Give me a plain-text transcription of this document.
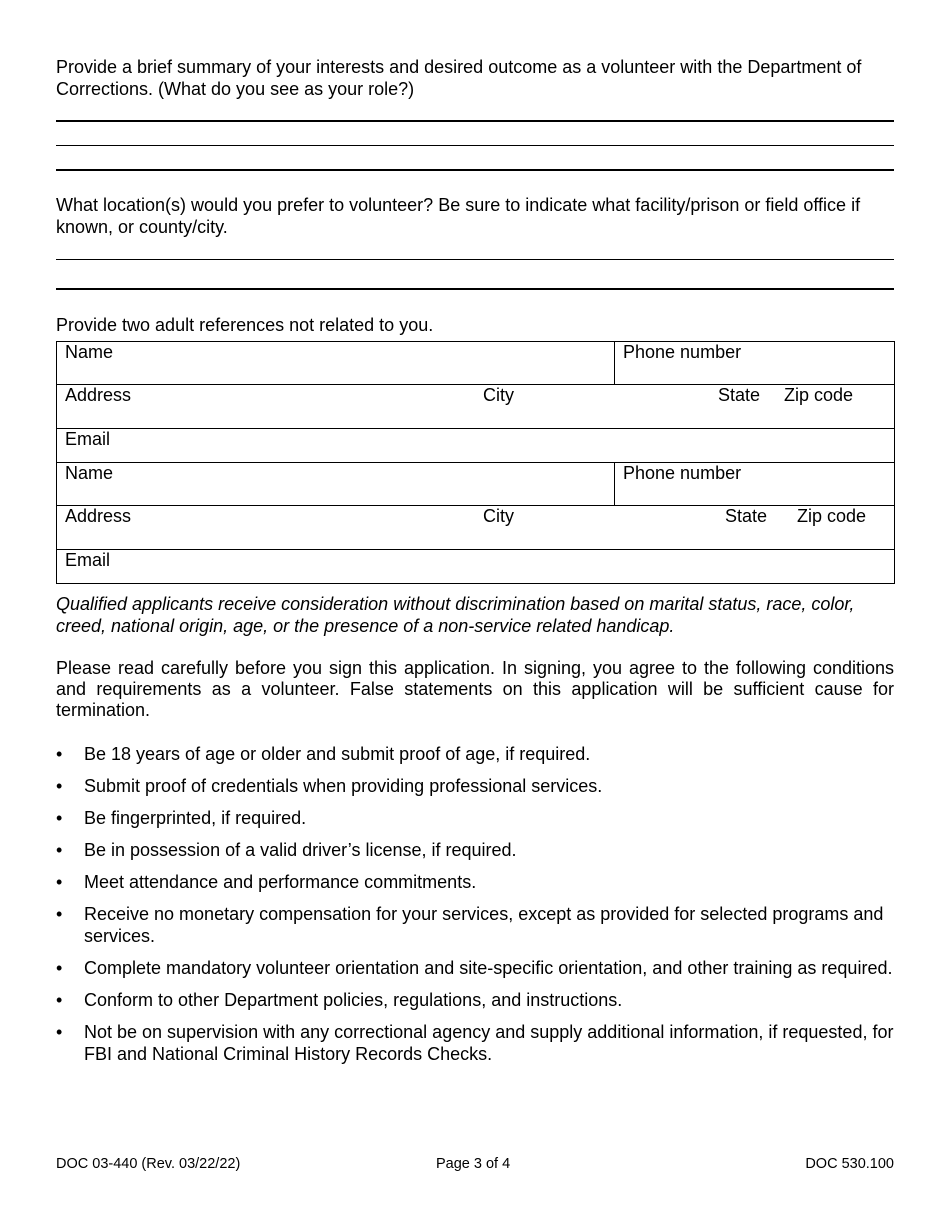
Provide a brief summary of your interests and desired outcome as a volunteer with the Department of Corrections. (What do you see as your role?)

What location(s) would you prefer to volunteer? Be sure to indicate what facility/prison or field office if known, or county/city.

Provide two adult references not related to you.

Name	Phone number

Address City State Zip code	

Email	
Name	Phone number

Address City State Zip code	

Email	

Qualified applicants receive consideration without discrimination based on marital status, race, color, creed, national origin, age, or the presence of a non-service related handicap.

Please read carefully before you sign this application. In signing, you agree to the following conditions and requirements as a volunteer. False statements on this application will be sufficient cause for termination.

• Be 18 years of age or older and submit proof of age, if required.
• Submit proof of credentials when providing professional services.
• Be fingerprinted, if required.
• Be in possession of a valid driver’s license, if required.
• Meet attendance and performance commitments.
• Receive no monetary compensation for your services, except as provided for selected programs and services.
• Complete mandatory volunteer orientation and site-specific orientation, and other training as required.
• Conform to other Department policies, regulations, and instructions.
• Not be on supervision with any correctional agency and supply additional information, if requested, for FBI and National Criminal History Records Checks.
DOC 03-440 (Rev. 03/22/22)	Page 3 of 4	DOC 530.100
